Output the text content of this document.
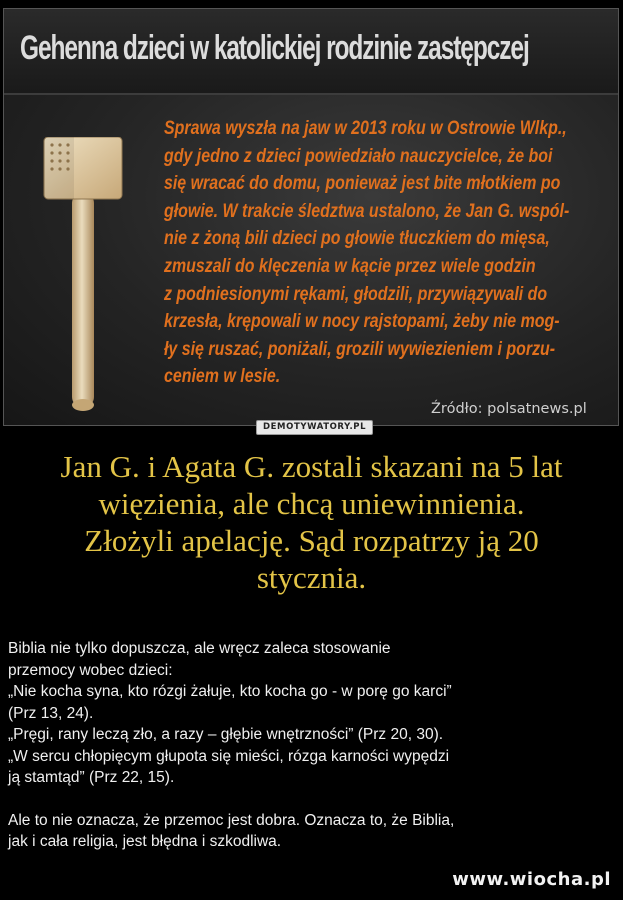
Gehenna dzieci w katolickiej rodzinie zastępczej
Sprawa wyszła na jaw w 2013 roku w Ostrowie Wlkp.,
gdy jedno z dzieci powiedziało nauczycielce, że boi
się wracać do domu, ponieważ jest bite młotkiem po
głowie. W trakcie śledztwa ustalono, że Jan G. wspól-
nie z żoną bili dzieci po głowie tłuczkiem do mięsa,
zmuszali do klęczenia w kącie przez wiele godzin
z podniesionymi rękami, głodzili, przywiązywali do
krzesła, krępowali w nocy rajstopami, żeby nie mog-
ły się ruszać, poniżali, grozili wywiezieniem i porzu-
ceniem w lesie.
Źródło: polsatnews.pl
DEMOTYWATORY.PL
Jan G. i Agata G. zostali skazani na 5 lat
więzienia, ale chcą uniewinnienia.
Złożyli apelację. Sąd rozpatrzy ją 20
stycznia.

Biblia nie tylko dopuszcza, ale wręcz zaleca stosowanie

przemocy wobec dzieci:

„Nie kocha syna, kto rózgi żałuje, kto kocha go - w porę go karci”

(Prz 13, 24).

„Pręgi, rany leczą zło, a razy – głębie wnętrzności” (Prz 20, 30).

„W sercu chłopięcym głupota się mieści, rózga karności wypędzi

ją stamtąd” (Prz 22, 15).

Ale to nie oznacza, że przemoc jest dobra. Oznacza to, że Biblia,

jak i cała religia, jest błędna i szkodliwa.

www.wiocha.pl
